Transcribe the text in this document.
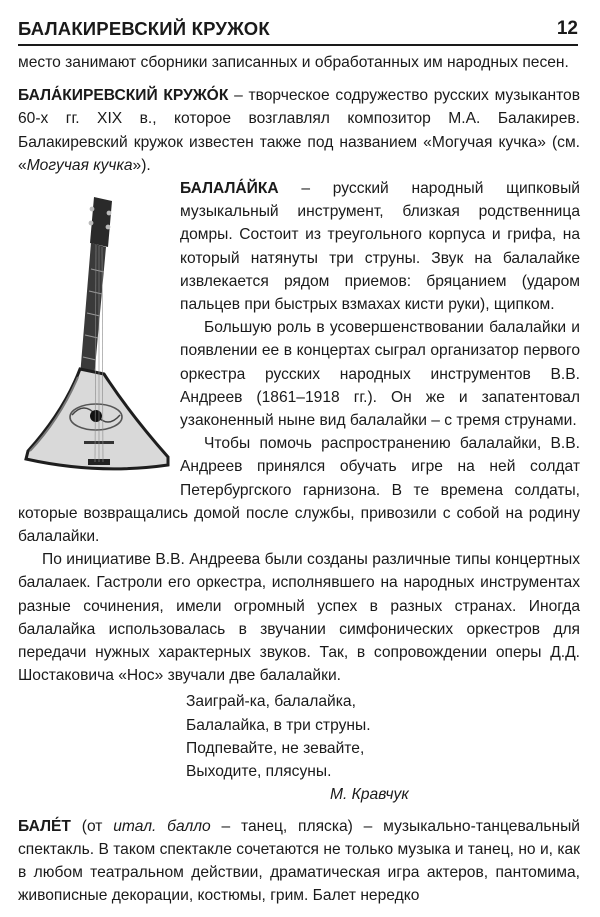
БАЛАКИРЕВСКИЙ КРУЖОК	12

место занимают сборники записанных и обработанных им народных песен.

БАЛА́КИРЕВСКИЙ КРУЖО́К – творческое содружество русских музыкантов 60-х гг. XIX в., которое возглавлял композитор М.А. Балакирев. Балакиревский кружок известен также под названием «Могучая кучка» (см. «Могучая кучка»).

БАЛАЛА́ЙКА – русский народный щипковый музыкальный инструмент, близкая родственница домры. Состоит из треугольного корпуса и грифа, на который натянуты три струны. Звук на балалайке извлекается рядом приемов: бряцанием (ударом пальцев при быстрых взмахах кисти руки), щипком.

Большую роль в усовершенствовании балалайки и появлении ее в концертах сыграл организатор первого оркестра русских народных инструментов В.В. Андреев (1861–1918 гг.). Он же и запатентовал узаконенный ныне вид балалайки – с тремя струнами.

Чтобы помочь распространению балалайки, В.В. Андреев принялся обучать игре на ней солдат Петербургского гарнизона. В те времена солдаты, которые возвращались домой после службы, привозили с собой на родину балалайки.

По инициативе В.В. Андреева были созданы различные типы концертных балалаек. Гастроли его оркестра, исполнявшего на народных инструментах разные сочинения, имели огромный успех в разных странах. Иногда балалайка использовалась в звучании симфонических оркестров для передачи нужных характерных звуков. Так, в сопровождении оперы Д.Д. Шостаковича «Нос» звучали две балалайки.

Заиграй-ка, балалайка,
Балалайка, в три струны.
Подпевайте, не зевайте,
Выходите, плясуны.
М. Кравчук

БАЛЕ́Т (от итал. балло – танец, пляска) – музыкально-танцевальный спектакль. В таком спектакле сочетаются не только музыка и танец, но и, как в любом театральном действии, драматическая игра актеров, пантомима, живописные декорации, костюмы, грим. Балет нередко
